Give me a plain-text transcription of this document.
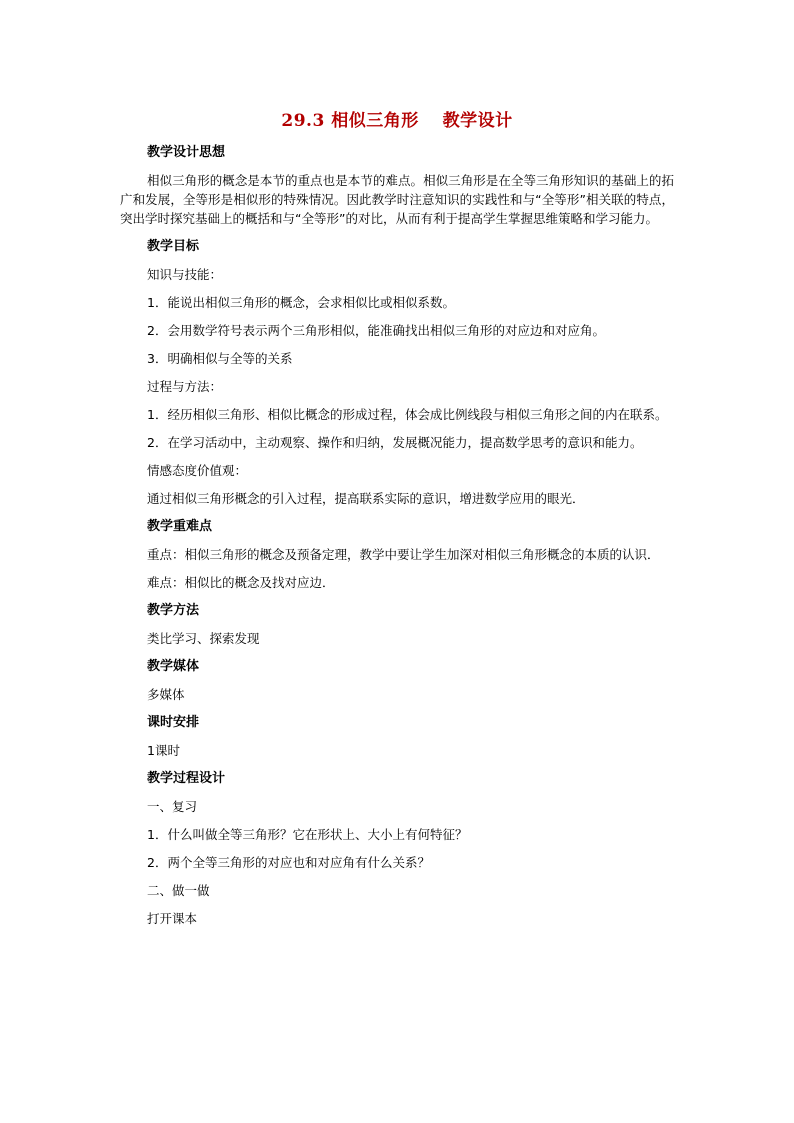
29.3 相似三角形　 教学设计
教学设计思想

相似三角形的概念是本节的重点也是本节的难点。相似三角形是在全等三角形知识的基础上的拓广和发展，全等形是相似形的特殊情况。因此教学时注意知识的实践性和与“全等形”相关联的特点，突出学时探究基础上的概括和与“全等形”的对比，从而有利于提高学生掌握思维策略和学习能力。

教学目标
知识与技能：
1．能说出相似三角形的概念，会求相似比或相似系数。
2．会用数学符号表示两个三角形相似，能准确找出相似三角形的对应边和对应角。
3．明确相似与全等的关系
过程与方法：

1．经历相似三角形、相似比概念的形成过程，体会成比例线段与相似三角形之间的内在联系。

2．在学习活动中，主动观察、操作和归纳，发展概况能力，提高数学思考的意识和能力。

情感态度价值观：
通过相似三角形概念的引入过程，提高联系实际的意识，增进数学应用的眼光．
教学重难点

重点：相似三角形的概念及预备定理，教学中要让学生加深对相似三角形概念的本质的认识．

难点：相似比的概念及找对应边．
教学方法
类比学习、探索发现
教学媒体
多媒体
课时安排
1课时
教学过程设计
一、复习
1．什么叫做全等三角形？它在形状上、大小上有何特征？
2．两个全等三角形的对应也和对应角有什么关系？
二、做一做
打开课本
